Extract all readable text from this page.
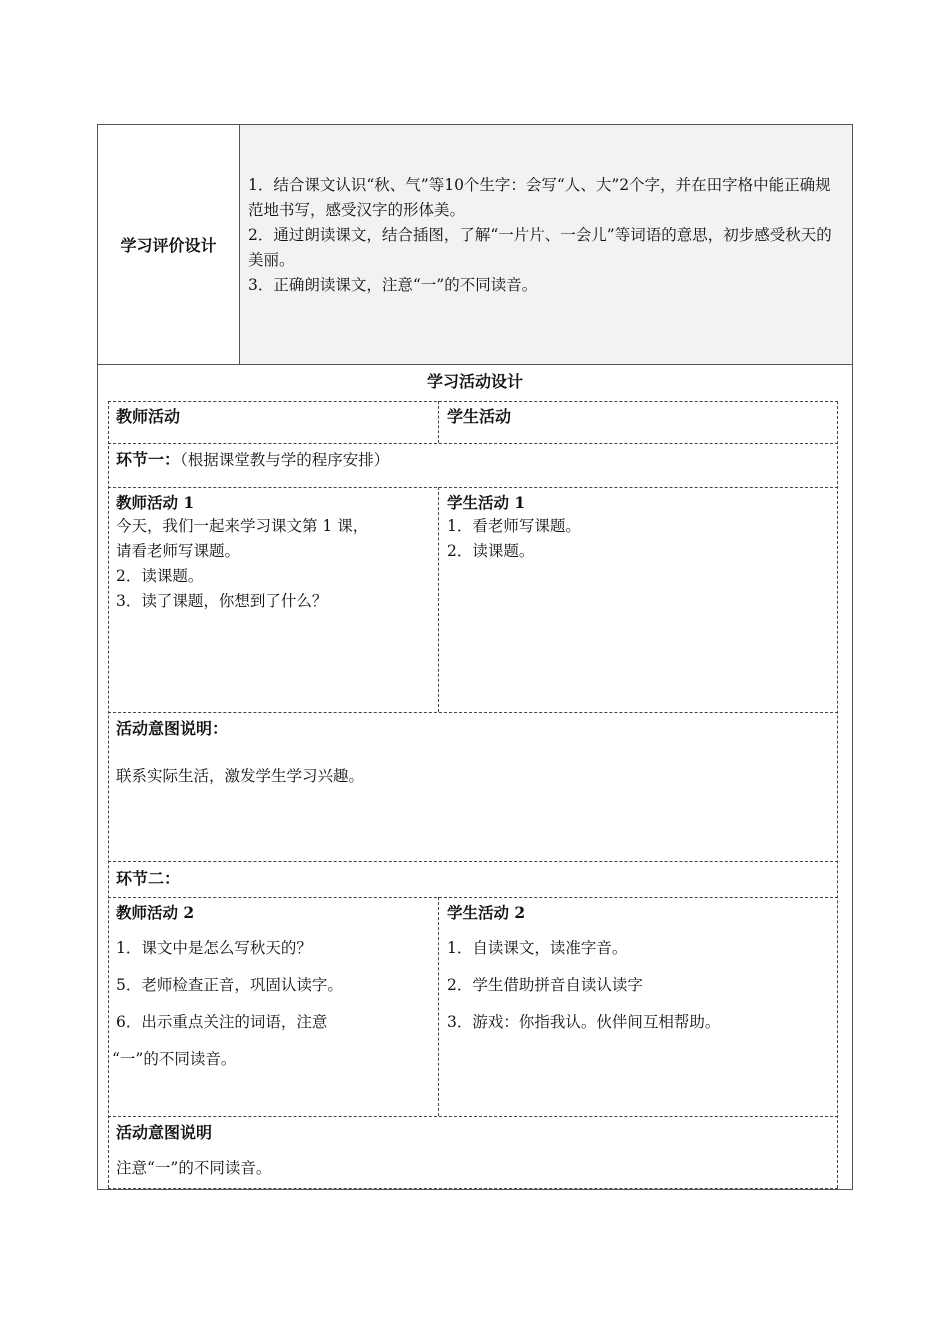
学习评价设计

1．结合课文认识“秋、气”等10个生字：会写“人、大”2个字，并在田字格中能正确规范地书写，感受汉字的形体美。

2．通过朗读课文，结合插图，了解“一片片、一会儿”等词语的意思，初步感受秋天的美丽。

3．正确朗读课文，注意“一”的不同读音。

学习活动设计
教师活动	学生活动
环节一：（根据课堂教与学的程序安排）
教师活动 1
今天，我们一起来学习课文第 1 课，
请看老师写课题。
2．读课题。
3．读了课题，你想到了什么？
学生活动 1
1．看老师写课题。
2．读课题。
活动意图说明：
联系实际生活，激发学生学习兴趣。
环节二：
教师活动 2
1．课文中是怎么写秋天的？
5．老师检查正音，巩固认读字。
6．出示重点关注的词语，注意
“一”的不同读音。
学生活动 2
1．自读课文，读准字音。
2．学生借助拼音自读认读字
3．游戏：你指我认。伙伴间互相帮助。
活动意图说明
注意“一”的不同读音。
